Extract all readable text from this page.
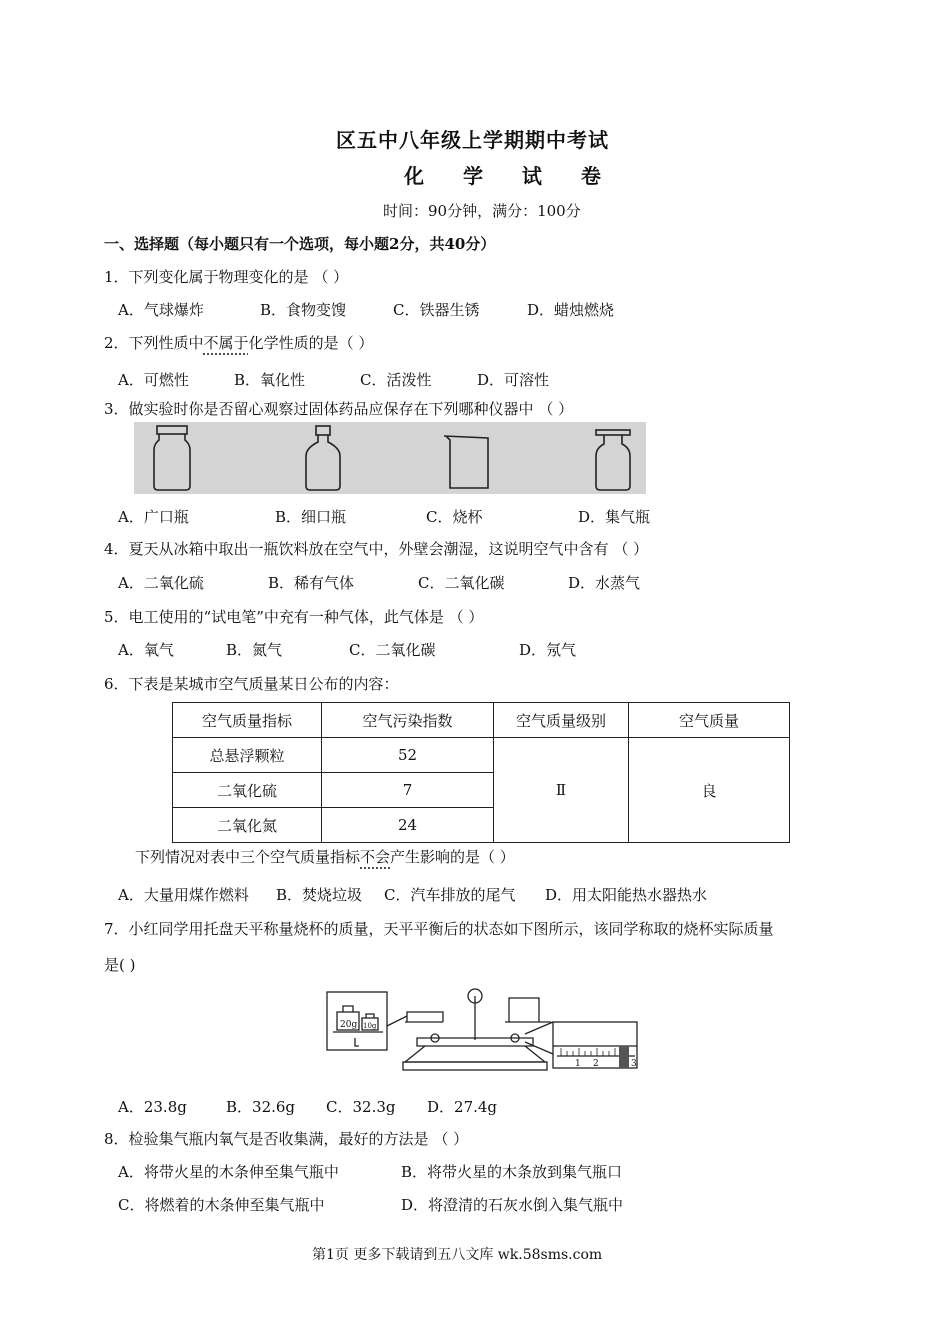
区五中八年级上学期期中考试
化 学 试 卷
时间：90分钟，满分：100分
一、选择题（每小题只有一个选项，每小题2分，共40分）
1．下列变化属于物理变化的是 （ ）
A．气球爆炸	B．食物变馊	C．铁器生锈	D．蜡烛燃烧
2．下列性质中不属于化学性质的是（ ）
A．可燃性	B．氧化性	C．活泼性	D．可溶性
3．做实验时你是否留心观察过固体药品应保存在下列哪种仪器中 （ ）
A．广口瓶	B．细口瓶	C．烧杯	D．集气瓶
4．夏天从冰箱中取出一瓶饮料放在空气中，外壁会潮湿，这说明空气中含有 （ ）
A．二氧化硫	B．稀有气体	C．二氧化碳	D．水蒸气
5．电工使用的“试电笔”中充有一种气体，此气体是 （ ）
A．氧气	B．氮气	C．二氧化碳	D．氖气
6．下表是某城市空气质量某日公布的内容：
空气质量指标	空气污染指数	空气质量级别	空气质量
总悬浮颗粒	52	Ⅱ	良
二氧化硫	7		
二氧化氮	24		
下列情况对表中三个空气质量指标不会产生影响的是（ ）
A．大量用煤作燃料 B．焚烧垃圾 C．汽车排放的尾气 D．用太阳能热水器热水
7．小红同学用托盘天平称量烧杯的质量，天平平衡后的状态如下图所示，该同学称取的烧杯实际质量
是( )
20g 10g
1 2	3
A．23.8g	B．32.6g C．32.3g D．27.4g
8．检验集气瓶内氧气是否收集满，最好的方法是 （ ）
A．将带火星的木条伸至集气瓶中	B．将带火星的木条放到集气瓶口
C．将燃着的木条伸至集气瓶中	D．将澄清的石灰水倒入集气瓶中
第1页 更多下载请到五八文库 wk.58sms.com
